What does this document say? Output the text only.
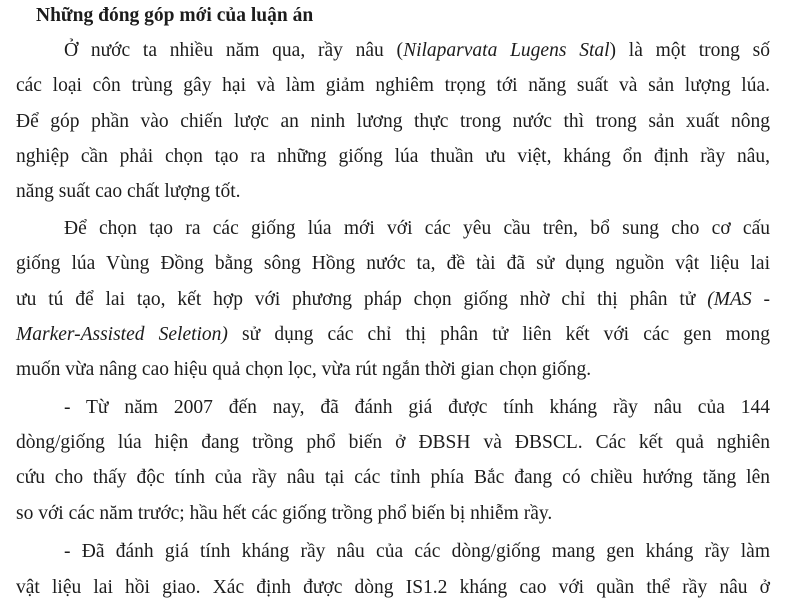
Những đóng góp mới của luận án

Ở nước ta nhiều năm qua, rầy nâu (Nilaparvata Lugens Stal) là một trong số

các loại côn trùng gây hại và làm giảm nghiêm trọng tới năng suất và sản lượng lúa.

Để góp phần vào chiến lược an ninh lương thực trong nước thì trong sản xuất nông

nghiệp cần phải chọn tạo ra những giống lúa thuần ưu việt, kháng ổn định rầy nâu,

năng suất cao chất lượng tốt.

Để chọn tạo ra các giống lúa mới với các yêu cầu trên, bổ sung cho cơ cấu

giống lúa Vùng Đồng bằng sông Hồng nước ta, đề tài đã sử dụng nguồn vật liệu lai

ưu tú để lai tạo, kết hợp với phương pháp chọn giống nhờ chỉ thị phân tử (MAS -

Marker-Assisted Seletion) sử dụng các chỉ thị phân tử liên kết với các gen mong

muốn vừa nâng cao hiệu quả chọn lọc, vừa rút ngắn thời gian chọn giống.

- Từ năm 2007 đến nay, đã đánh giá được tính kháng rầy nâu của 144

dòng/giống lúa hiện đang trồng phổ biến ở ĐBSH và ĐBSCL. Các kết quả nghiên

cứu cho thấy độc tính của rầy nâu tại các tỉnh phía Bắc đang có chiều hướng tăng lên

so với các năm trước; hầu hết các giống trồng phổ biến bị nhiễm rầy.

- Đã đánh giá tính kháng rầy nâu của các dòng/giống mang gen kháng rầy làm

vật liệu lai hồi giao. Xác định được dòng IS1.2 kháng cao với quần thể rầy nâu ở
